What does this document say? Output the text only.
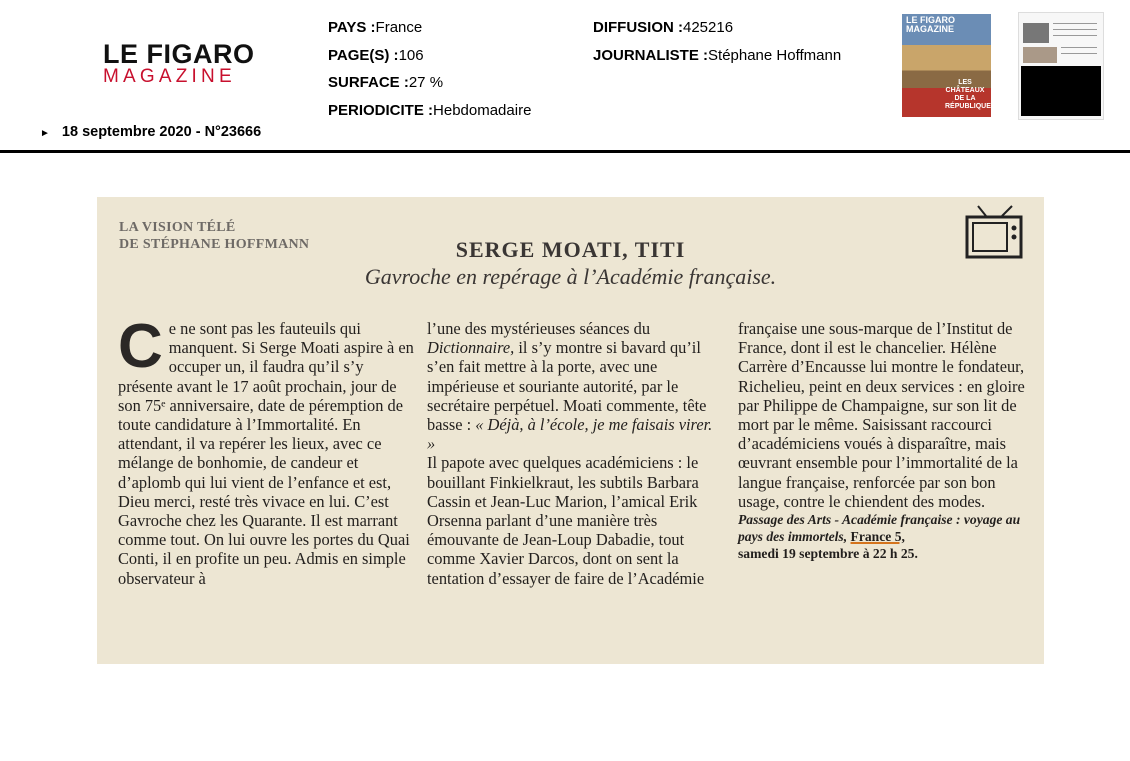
LE FIGARO
MAGAZINE
► 18 septembre 2020 - N°23666
PAYS :France
PAGE(S) :106
SURFACE :27 %
PERIODICITE :Hebdomadaire
DIFFUSION :425216
JOURNALISTE :Stéphane Hoffmann
LE FIGARO MAGAZINE
LES CHÂTEAUX DE LA RÉPUBLIQUE
LA VISION TÉLÉ
DE STÉPHANE HOFFMANN	SERGE MOATI, TITI
Gavroche en repérage à l’Académie française.
Ce ne sont pas les fauteuils qui manquent. Si Serge Moati aspire à en occuper un, il faudra qu’il s’y présente avant le 17 août prochain, jour de son 75ᵉ anniversaire, date de péremption de toute candidature à l’Immortalité. En attendant, il va repérer les lieux, avec ce mélange de bonhomie, de candeur et d’aplomb qui lui vient de l’enfance et est, Dieu merci, resté très vivace en lui. C’est Gavroche chez les Quarante. Il est marrant comme tout. On lui ouvre les portes du Quai Conti, il en profite un peu. Admis en simple observateur à
l’une des mystérieuses séances du Dictionnaire, il s’y montre si bavard qu’il s’en fait mettre à la porte, avec une impérieuse et souriante autorité, par le secrétaire perpétuel. Moati commente, tête basse : « Déjà, à l’école, je me faisais virer. »
Il papote avec quelques académiciens : le bouillant Finkielkraut, les subtils Barbara Cassin et Jean-Luc Marion, l’amical Erik Orsenna parlant d’une manière très émouvante de Jean-Loup Dabadie, tout comme Xavier Darcos, dont on sent la tentation d’essayer de faire de l’Académie

française une sous-marque de l’Institut de France, dont il est le chancelier. Hélène Carrère d’Encausse lui montre le fondateur, Richelieu, peint en deux services : en gloire par Philippe de Champaigne, sur son lit de mort par le même. Saisissant raccourci d’académiciens voués à disparaître, mais œuvrant ensemble pour l’immortalité de la langue française, renforcée par son bon usage, contre le chiendent des modes.

Passage des Arts - Académie française : voyage au pays des immortels, France 5,
samedi 19 septembre à 22 h 25.
